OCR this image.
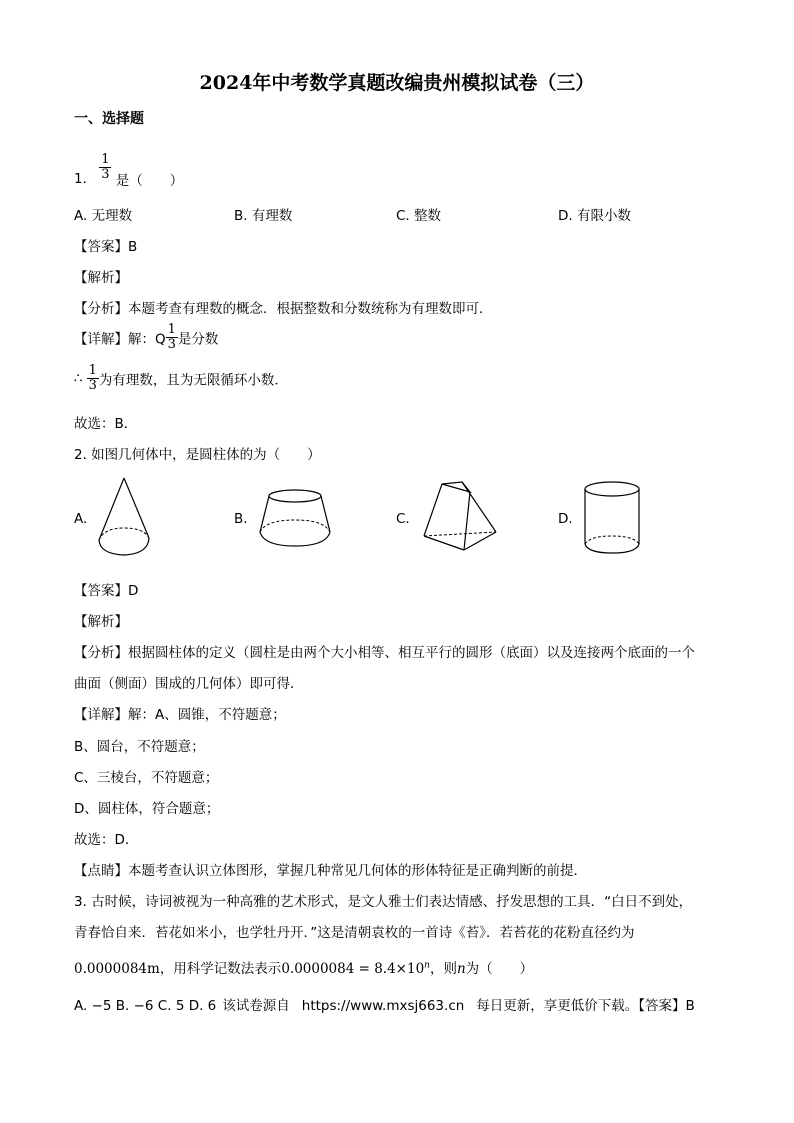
2024年中考数学真题改编贵州模拟试卷（三）
一、选择题
1. $\frac{1}{3}$ 是（　　）
A. 无理数	B. 有理数	C. 整数	D. 有限小数
【答案】B
【解析】
【分析】本题考查有理数的概念．根据整数和分数统称为有理数即可．
【详解】解：Q $\frac{1}{3}$ 是分数
∴ $\frac{1}{3}$ 为有理数，且为无限循环小数．
故选：B．
2. 如图几何体中，是圆柱体的为（　　）
A.	B.	C.	D.
【答案】D
【解析】
【分析】根据圆柱体的定义（圆柱是由两个大小相等、相互平行的圆形（底面）以及连接两个底面的一个
曲面（侧面）围成的几何体）即可得．
【详解】解：A、圆锥，不符题意；
B、圆台，不符题意；
C、三棱台，不符题意；
D、圆柱体，符合题意；
故选：D．
【点睛】本题考查认识立体图形，掌握几种常见几何体的形体特征是正确判断的前提．
3. 古时候，诗词被视为一种高雅的艺术形式，是文人雅士们表达情感、抒发思想的工具．“白日不到处，
青春恰自来．苔花如米小，也学牡丹开．”这是清朝袁枚的一首诗《苔》．若苔花的花粉直径约为
0.0000084m，用科学记数法表示$0.0000084 = 8.4\times 10^n$，则n为（　　）
A. −5 B. −6 C. 5 D. 6 该试卷源自 https://www.mxsj663.cn 每日更新，享更低价下载。【答案】B
